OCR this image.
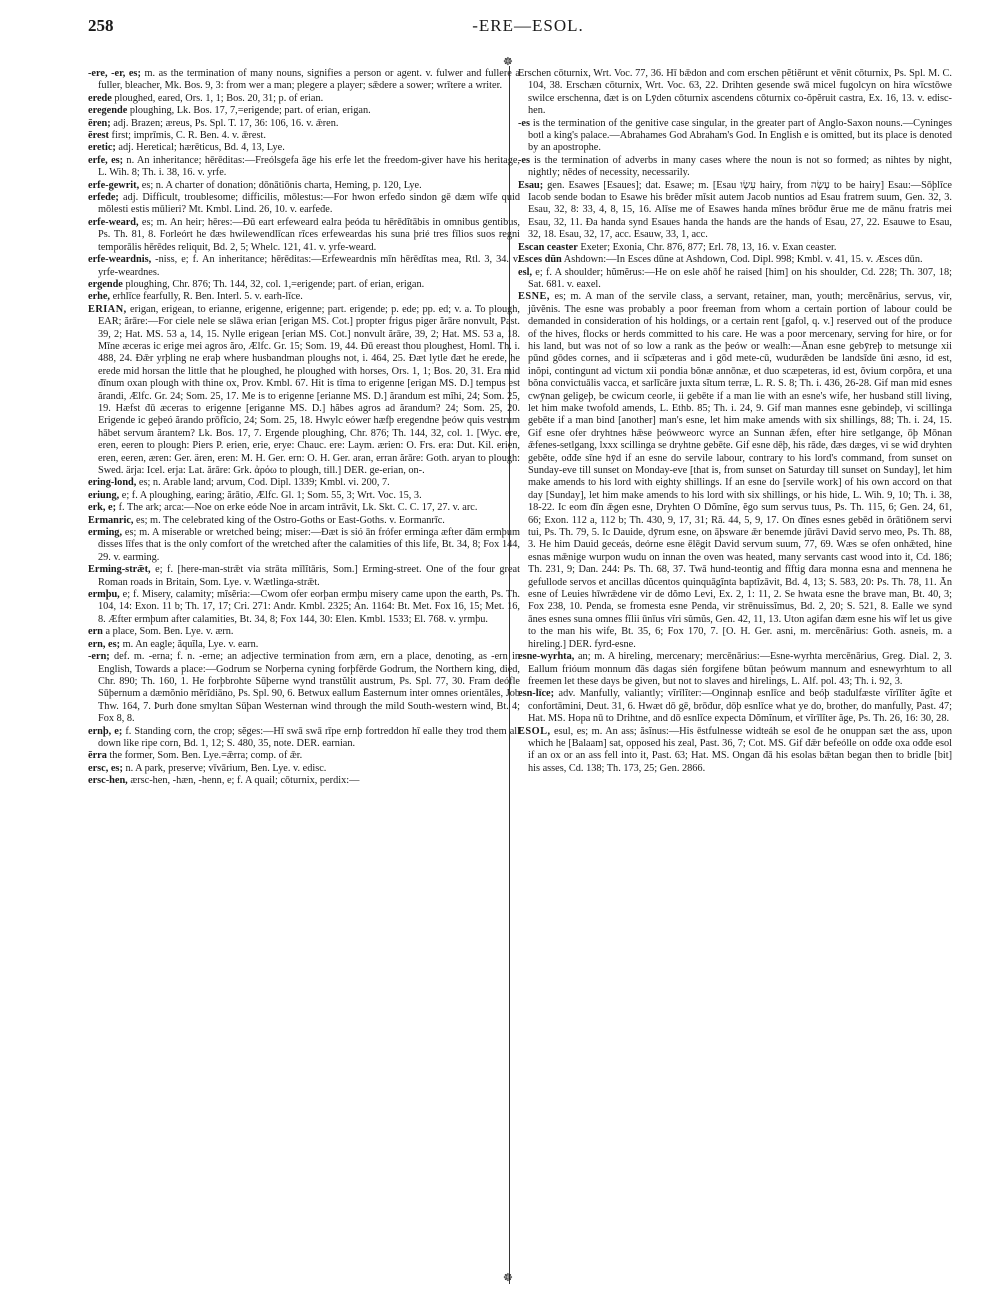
258	-ERE—ESOL.
☸
☸

-ere, -er, es; m. as the termination of many nouns, signifies a person or agent. v. fulwer and fullere a fuller, bleacher, Mk. Bos. 9, 3: from wer a man; plegere a player; sǣdere a sower; wrītere a writer.

erede ploughed, eared, Ors. 1, 1; Bos. 20, 31; p. of erian.

eregende ploughing, Lk. Bos. 17, 7,=erigende; part. of erian, erigan.

ēren; adj. Brazen; æreus, Ps. Spl. T. 17, 36: 106, 16. v. ǣren.

ērest first; imprīmis, C. R. Ben. 4. v. ǣrest.

eretic; adj. Heretical; hærēticus, Bd. 4, 13, Lye.

erfe, es; n. An inheritance; hērēditas:—Freólsgefa āge his erfe let the freedom-giver have his heritage, L. Wih. 8; Th. i. 38, 16. v. yrfe.

erfe-gewrit, es; n. A charter of donation; dōnātiōnis charta, Heming, p. 120, Lye.

erfeđe; adj. Difficult, troublesome; difficilis, mōlestus:—For hwon erfeđo sindon gē dæm wīfe quid mōlesti estis mūlieri? Mt. Kmbl. Lind. 26, 10. v. earfeđe.

erfe-weard, es; m. An heir; hēres:—Đū eart erfeweard ealra þeóda tu hērēdĭtābis in omnibus gentibus, Ps. Th. 81, 8. Forleórt he đæs hwilewendlīcan rīces erfeweardas his suna þrié tres fīlios suos regni temporālis hērēdes reliquit, Bd. 2, 5; Whelc. 121, 41. v. yrfe-weard.

erfe-weardnis, -niss, e; f. An inheritance; hērēditas:—Erfeweardnis mīn hērēdĭtas mea, Rtl. 3, 34. v. yrfe-weardnes.

ergende ploughing, Chr. 876; Th. 144, 32, col. 1,=erigende; part. of erian, erigan.

erhe, erhlīce fearfully, R. Ben. Interl. 5. v. earh-līce.

ERIAN, erigan, erigean, to erianne, erigenne, erigenne; part. erigende; p. ede; pp. ed; v. a. To plough, EAR; ărāre:—For ciele nele se slāwa erian [erigan MS. Cot.] propter frigus piger ărāre nonvult, Past. 39, 2; Hat. MS. 53 a, 14, 15. Nylle erigean [erian MS. Cot.] nonvult ărāre, 39, 2; Hat. MS. 53 a, 18. Mīne æceras ic erige mei agros ăro, Ælfc. Gr. 15; Som. 19, 44. Đū ereast thou ploughest, Homl. Th. i. 488, 24. Đǣr yrþling ne eraþ where husbandman ploughs not, i. 464, 25. Đæt lytle đæt he erede, he erede mid horsan the little that he ploughed, he ploughed with horses, Ors. 1, 1; Bos. 20, 31. Era mid đīnum oxan plough with thine ox, Prov. Kmbl. 67. Hit is tīma to erigenne [erigan MS. D.] tempus est ărandi, Ælfc. Gr. 24; Som. 25, 17. Me is to erigenne [erianne MS. D.] ărandum est mĭhi, 24; Som. 25, 19. Hæfst đū æceras to erigenne [eriganne MS. D.] hăbes agros ad ărandum? 24; Som. 25, 20. Erigende ic geþeó ărando prōfĭcio, 24; Som. 25, 18. Hwylc eówer hæfþ eregendne þeów quis vestrum hābet servum ărantem? Lk. Bos. 17, 7. Ergende ploughing, Chr. 876; Th. 144, 32, col. 1. [Wyc. ere, eren, eeren to plough: Piers P. erien, erie, erye: Chauc. ere: Laym. ærien: O. Frs. era: Dut. Kil. erien, eren, eeren, æren: Ger. ären, eren: M. H. Ger. ern: O. H. Ger. aran, erran ărāre: Goth. aryan to plough: Swed. ärja: Icel. erja: Lat. ărāre: Grk. ἀρόω to plough, till.] DER. ge-erian, on-.

ering-lond, es; n. Arable land; arvum, Cod. Dipl. 1339; Kmbl. vi. 200, 7.

eriung, e; f. A ploughing, earing; ărātio, Ælfc. Gl. 1; Som. 55, 3; Wrt. Voc. 15, 3.

erk, e; f. The ark; arca:—Noe on erke eóde Noe in arcam intrāvit, Lk. Skt. C. C. 17, 27. v. arc.

Ermanric, es; m. The celebrated king of the Ostro-Goths or East-Goths. v. Eormanrīc.

erming, es; m. A miserable or wretched being; miser:—Đæt is sió ān frófer erminga æfter đām ermþum đisses līfes that is the only comfort of the wretched after the calamities of this life, Bt. 34, 8; Fox 144, 29. v. earming.

Erming-strǣt, e; f. [here-man-strǣt via strāta mīlĭtāris, Som.] Erming-street. One of the four great Roman roads in Britain, Som. Lye. v. Wætlinga-strǣt.

ermþu, e; f. Misery, calamity; mĭsĕria:—Cwom ofer eorþan ermþu misery came upon the earth, Ps. Th. 104, 14: Exon. 11 b; Th. 17, 17; Cri. 271: Andr. Kmbl. 2325; An. 1164: Bt. Met. Fox 16, 15; Met. 16, 8. Æfter ermþum after calamities, Bt. 34, 8; Fox 144, 30: Elen. Kmbl. 1533; El. 768. v. yrmþu.

ern a place, Som. Ben. Lye. v. ærn.

ern, es; m. An eagle; ăquĭla, Lye. v. earn.

-ern; def. m. -erna; f. n. -erne; an adjective termination from ærn, ern a place, denoting, as -ern in English, Towards a place:—Godrum se Norþerna cyning forþfērde Godrum, the Northern king, died, Chr. 890; Th. 160, 1. He forþbrohte Sūþerne wynd transtŭlit austrum, Ps. Spl. 77, 30. Fram deófle Sūþernum a dæmŏnio mĕrīdiāno, Ps. Spl. 90, 6. Betwux eallum Ēasternum inter omnes orientāles, Job Thw. 164, 7. Þurh đone smyltan Sūþan Westernan wind through the mild South-western wind, Bt. 4; Fox 8, 8.

ernþ, e; f. Standing corn, the crop; sĕges:—Hī swā swā rīpe ernþ fortreddon hī ealle they trod them all down like ripe corn, Bd. 1, 12; S. 480, 35, note. DER. earnian.

ērra the former, Som. Ben. Lye.=ǣrra; comp. of ǣr.

ersc, es; n. A park, preserve; vīvārium, Ben. Lye. v. edisc.

ersc-hen, ærsc-hen, -hæn, -henn, e; f. A quail; cōturnix, perdix:—

Erschen cōturnix, Wrt. Voc. 77, 36. Hī bǣdon and com erschen pĕtiērunt et vēnit cōturnix, Ps. Spl. M. C. 104, 38. Erschæn cōturnix, Wrt. Voc. 63, 22. Drihten gesende swā micel fugolcyn on hira wīcstōwe swilce erschenna, đæt is on Lȳden cōturnix ascendens cōturnix co-ŏpĕruit castra, Ex. 16, 13. v. edisc-hen.

-es is the termination of the genitive case singular, in the greater part of Anglo-Saxon nouns.—Cyninges botl a king's palace.—Abrahames God Abraham's God. In English e is omitted, but its place is denoted by an apostrophe.

-es is the termination of adverbs in many cases where the noun is not so formed; as nihtes by night, nightly; nēdes of necessity, necessarily.

Esau; gen. Esawes [Esaues]; dat. Esawe; m. [Esau עֵשָׂו hairy, from עָשָׂה to be hairy] Esau:—Sōþlīce Iacob sende bodan to Esawe his brēđer mīsit autem Jacob nuntios ad Esau fratrem suum, Gen. 32, 3. Esau, 32, 8: 33, 4, 8, 15, 16. Alīse me of Esawes handa mīnes brōđur ērue me de mānu fratris mei Esau, 32, 11. Đa handa synd Esaues handa the hands are the hands of Esau, 27, 22. Esauwe to Esau, 32, 18. Esau, 32, 17, acc. Esauw, 33, 1, acc.

Escan ceaster Exeter; Exonia, Chr. 876, 877; Erl. 78, 13, 16. v. Exan ceaster.

Esces dūn Ashdown:—In Esces dūne at Ashdown, Cod. Dipl. 998; Kmbl. v. 41, 15. v. Æsces dūn.

esl, e; f. A shoulder; hŭmĕrus:—He on esle ahōf he raised [him] on his shoulder, Cd. 228; Th. 307, 18; Sat. 681. v. eaxel.

ESNE, es; m. A man of the servile class, a servant, retainer, man, youth; mercēnārius, servus, vir, jŭvĕnis. The esne was probably a poor freeman from whom a certain portion of labour could be demanded in consideration of his holdings, or a certain rent [gafol, q. v.] reserved out of the produce of the hives, flocks or herds committed to his care. He was a poor mercenary, serving for hire, or for his land, but was not of so low a rank as the þeów or wealh:—Ānan esne gebȳreþ to metsunge xii pūnd gōdes cornes, and ii scīpæteras and i gōd mete-cū, wudurǣden be landsīde ūni æsno, id est, inŏpi, contingunt ad victum xii pondia bŏnæ annōnæ, et duo scæpeteras, id est, ŏvium corpŏra, et una bŏna convictuālis vacca, et sarlīcāre juxta sĭtum terræ, L. R. S. 8; Th. i. 436, 26-28. Gif man mid esnes cwȳnan geligeþ, be cwicum ceorle, ii gebēte if a man lie with an esne's wife, her husband still living, let him make twofold amends, L. Ethb. 85; Th. i. 24, 9. Gif man mannes esne gebindeþ, vi scillinga gebēte if a man bind [another] man's esne, let him make amends with six shillings, 88; Th. i. 24, 15. Gif esne ofer dryhtnes hǣse þeówweorc wyrce an Sunnan ǣfen, efter hire setlgange, ōþ Mōnan ǣfenes-setlgang, lxxx scillinga se dryhtne gebēte. Gif esne dēþ, his rāde, đæs dæges, vi se wiđ dryhten gebēte, ođđe sīne hȳd if an esne do servile labour, contrary to his lord's command, from sunset on Sunday-eve till sunset on Monday-eve [that is, from sunset on Saturday till sunset on Sunday], let him make amends to his lord with eighty shillings. If an esne do [servile work] of his own accord on that day [Sunday], let him make amends to his lord with six shillings, or his hide, L. Wih. 9, 10; Th. i. 38, 18-22. Ic eom đīn ǣgen esne, Dryhten O Dŏmĭne, ĕgo sum servus tuus, Ps. Th. 115, 6; Gen. 24, 61, 66; Exon. 112 a, 112 b; Th. 430, 9, 17, 31; Rā. 44, 5, 9, 17. On đīnes esnes gebēd in ŏrātiōnem servi tui, Ps. Th. 79, 5. Ic Dauide, dȳrum esne, on āþsware ǣr benemde jūrāvi David servo meo, Ps. Th. 88, 3. He him Dauid geceás, deórne esne ēlēgit David servum suum, 77, 69. Wæs se ofen onhǣted, hine esnas mǣnige wurpon wudu on innan the oven was heated, many servants cast wood into it, Cd. 186; Th. 231, 9; Dan. 244: Ps. Th. 68, 37. Twā hund-teontig and fīftig đara monna esna and mennena he gefullode servos et ancillas dŭcentos quinquāgĭnta baptĭzāvit, Bd. 4, 13; S. 583, 20: Ps. Th. 78, 11. Ān esne of Leuies hīwrǣdene vir de dŏmo Levi, Ex. 2, 1: 11, 2. Se hwata esne the brave man, Bt. 40, 3; Fox 238, 10. Penda, se fromesta esne Penda, vir strēnuissĭmus, Bd. 2, 20; S. 521, 8. Ealle we synd ānes esnes suna omnes fĭlii ūnīus vĭri sŭmŭs, Gen. 42, 11, 13. Uton agifan đæm esne his wīf let us give to the man his wife, Bt. 35, 6; Fox 170, 7. [O. H. Ger. asni, m. mercēnārius: Goth. asneis, m. a hireling.] DER. fyrd-esne.

esne-wyrhta, an; m. A hireling, mercenary; mercēnārius:—Esne-wyrhta mercēnārius, Greg. Dial. 2, 3. Eallum frióum monnum đās dagas sién forgifene būtan þeówum mannum and esnewyrhtum to all freemen let these days be given, but not to slaves and hirelings, L. Alf. pol. 43; Th. i. 92, 3.

esn-līce; adv. Manfully, valiantly; vĭrīlĭter:—Onginnaþ esnlīce and beóþ stađulfæste vĭrīlĭter ăgĭte et confortāmini, Deut. 31, 6. Hwæt dō gē, brōđur, dōþ esnlīce what ye do, brother, do manfully, Past. 47; Hat. MS. Hopa nū to Drihtne, and dō esnlīce expecta Dŏmĭnum, et vĭrīlĭter ăge, Ps. Th. 26, 16: 30, 28.

ESOL, esul, es; m. An ass; ăsĭnus:—His ēstfulnesse widteáh se esol đe he onuppan sæt the ass, upon which he [Balaam] sat, opposed his zeal, Past. 36, 7; Cot. MS. Gif đǣr befeólle on ođđe oxa ođđe esol if an ox or an ass fell into it, Past. 63; Hat. MS. Ongan đā his esolas bǣtan began then to bridle [bit] his asses, Cd. 138; Th. 173, 25; Gen. 2866.
